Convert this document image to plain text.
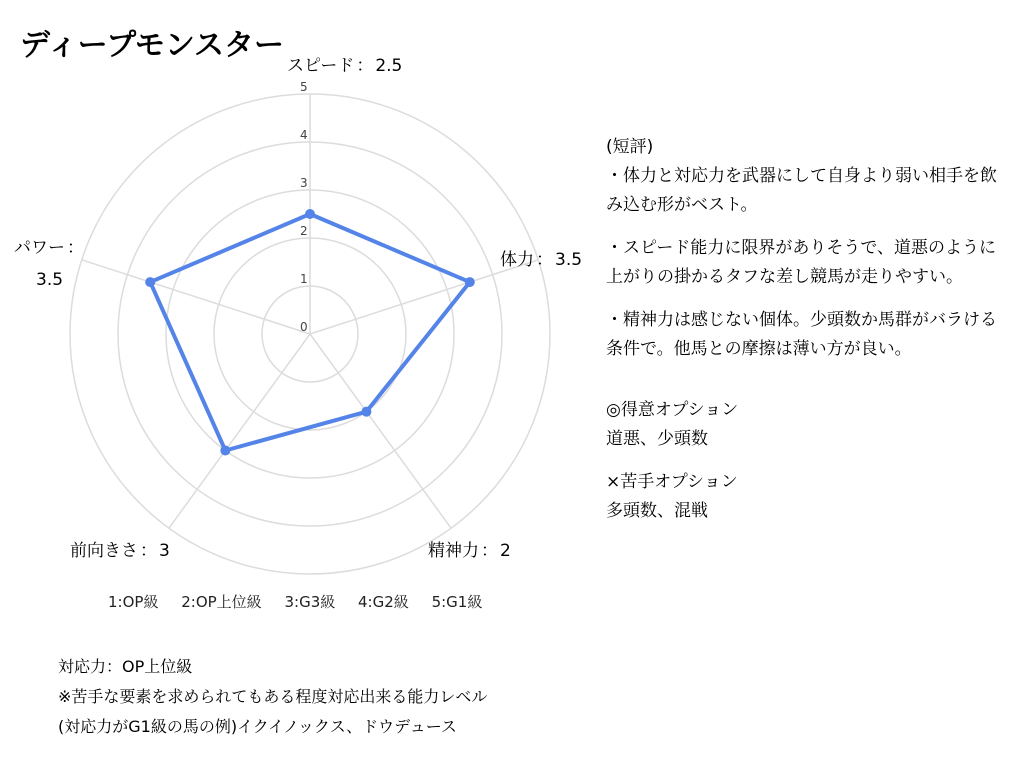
ディープモンスター
0
1
2
3
4
5
スピード ： 2.5
体力 ： 3.5
精神力 ： 2
前向きさ ： 3
パワー ：
3.5
1:OP級 2:OP上位級 3:G3級 4:G2級 5:G1級
対応力：OP上位級
※苦手な要素を求められてもある程度対応出来る能力レベル
(対応力がG1級の馬の例)イクイノックス、ドウデュース

(短評)

・体力と対応力を武器にして自身より弱い相手を飲み込む形がベスト。

・スピード能力に限界がありそうで、道悪のように上がりの掛かるタフな差し競馬が走りやすい。

・精神力は感じない個体。少頭数か馬群がバラける条件で。他馬との摩擦は薄い方が良い。

◎得意オプション

道悪、少頭数

×苦手オプション

多頭数、混戦
